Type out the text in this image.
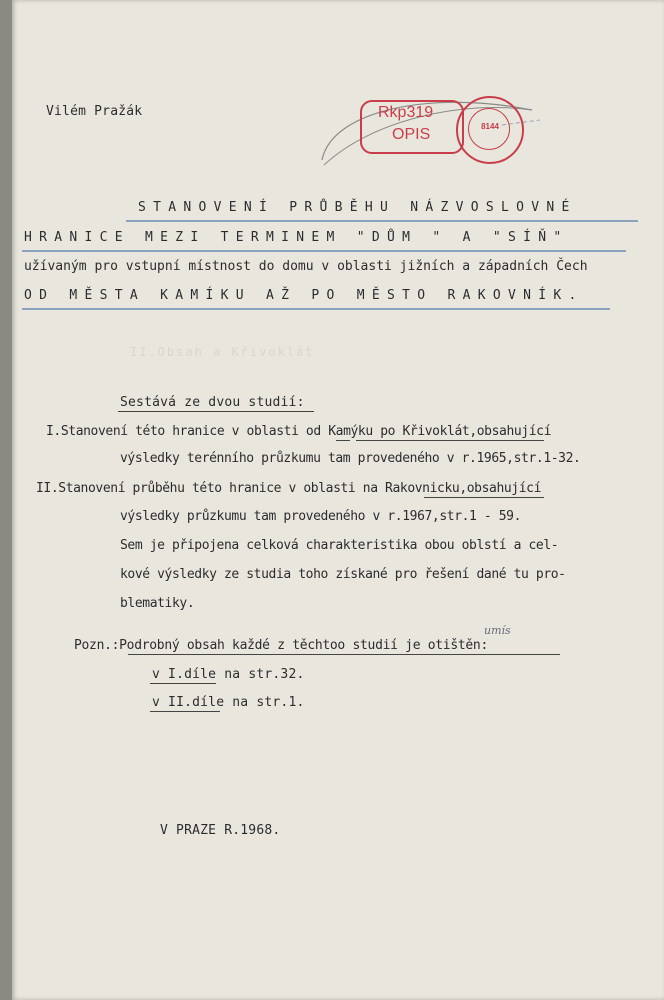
Vilém Pražák	Rkp319
OPIS	8144
STANOVENÍ PRŮBĚHU NÁZVOSLOVNÉ
HRANICE MEZI TERMINEM "DŮM " A "SÍŇ"
užívaným pro vstupní místnost do domu v oblasti jižních a západních Čech
OD MĚSTA KAMÍKU AŽ PO MĚSTO RAKOVNÍK.
II.Obsah a Křivoklát
Sestává ze dvou studií:
I.Stanovení této hranice v oblasti od Kamýku po Křivoklát,obsahující
výsledky terénního průzkumu tam provedeného v r.1965,str.1-32.
II.Stanovení průběhu této hranice v oblasti na Rakovnicku,obsahující
výsledky průzkumu tam provedeného v r.1967,str.1 - 59.
Sem je připojena celková charakteristika obou oblstí a cel-
kové výsledky ze studia toho získané pro řešení dané tu pro-
blematiky.
umís
Pozn.:Podrobný obsah každé z těchtoo studií je otištěn:
v I.díle na str.32.
v II.díle na str.1.
V PRAZE R.1968.
